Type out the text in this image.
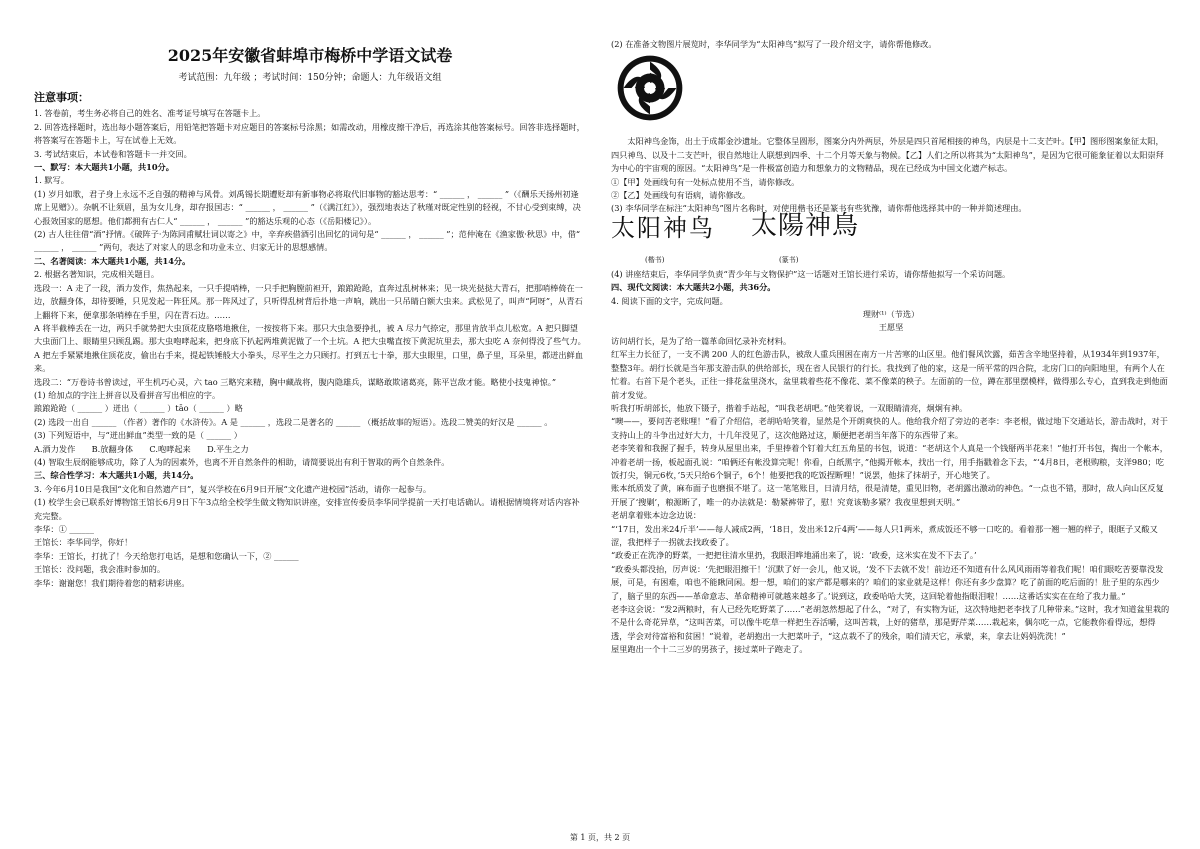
2025年安徽省蚌埠市梅桥中学语文试卷
考试范围：九年级 ；考试时间：150分钟；命题人：九年级语文组
注意事项：

1. 答卷前，考生务必将自己的姓名、准考证号填写在答题卡上。

2. 回答选择题时，选出每小题答案后，用铅笔把答题卡对应题目的答案标号涂黑；如需改动，用橡皮擦干净后，再选涂其他答案标号。回答非选择题时，将答案写在答题卡上，写在试卷上无效。

3. 考试结束后，本试卷和答题卡一并交回。

一、默写：本大题共1小题，共10分。

1. 默写。

(1) 岁月如歌，君子身上永远不乏自强的精神与风骨。刘禹锡长期遭贬却有新事物必将取代旧事物的豁达思考：“ ______ ， ______ ”（《酬乐天扬州初逢席上见赠》）。杂帆不让须眉，虽为女儿身，却存报国志：“ ______ ， ______ ”（《满江红》），强烈地表达了秋瑾对既定性别的轻视，不甘心受到束缚，决心报效国家的愿想。他们都拥有古仁人“ ______ ， ______ ”的豁达乐观的心态（《岳阳楼记》）。

(2) 古人往往借“酒”抒情。《破阵子·为陈同甫赋壮词以寄之》中，辛弃疾借酒引出回忆的词句是“ ______ ， ______ ”；范仲淹在《渔家傲·秋思》中，借“ ______ ， ______ ”两句，表达了对家人的思念和功业未立、归家无计的思想感情。

二、名著阅读：本大题共1小题，共14分。

2. 根据名著知识，完成相关题目。

选段一：A 走了一段，酒力发作，焦热起来，一只手提哨棒，一只手把胸膛前袒开，踉踉跄跄，直奔过乱树林来；见一块光挞挞大青石，把那哨棒倚在一边，放翻身体，却待要睡，只见发起一阵狂风。那一阵风过了，只听得乱树背后扑地一声响，跳出一只吊睛白额大虫来。武松见了，叫声“阿呀”，从青石上翻将下来，便拿那条哨棒在手里，闪在青石边。……

A 将半截棒丢在一边，两只手就势把大虫顶花皮胳嗒地揪住，一按按将下来。那只大虫急要挣扎，被 A 尽力气捺定，那里肯放半点儿松宽。A 把只脚望大虫面门上、眼睛里只顾乱踢。那大虫咆哮起来，把身底下扒起两堆黄泥做了一个土坑。A 把大虫嘴直按下黄泥坑里去，那大虫吃 A 奈何得没了些气力。A 把左手紧紧地揪住顶花皮，偷出右手来，提起铁锤般大小拳头，尽平生之力只顾打。打到五七十拳，那大虫眼里，口里，鼻子里，耳朵里，都迸出鲜血来。

选段二：“万卷诗书曾读过，平生机巧心灵，六 tao 三略究来精，胸中藏战将，腹内隐雄兵，谋略敢欺诸葛亮，陈平岂敌才能。略使小技鬼神惊。”

(1) 给加点的字注上拼音以及看拼音写出相应的字。

踉踉跄跄（ ______ ）迸出（ ______ ）tāo（ ______ ）略

(2) 选段一出自 ______ （作者）著作的《水浒传》。A 是 ______ ，选段二是著名的 ______ （概括故事的短语）。选段二赞美的好汉是 ______ 。

(3) 下列短语中，与“迸出鲜血”类型一致的是（ ______ ）

A.酒力发作　　B.放翻身体　　C.咆哮起来　　D.平生之力

(4) 智取生辰纲能够成功，除了人为的因素外，也离不开自然条件的相助，请简要说出有利于智取的两个自然条件。

三、综合性学习：本大题共1小题，共14分。

3. 今年6月10日是我国“文化和自然遗产日”，复兴学校在6月9日开展“文化遗产进校园”活动，请你一起参与。

(1) 校学生会已联系好博物馆王馆长6月9日下午3点给全校学生做文物知识讲座，安排宣传委员李华同学提前一天打电话确认。请根据情境将对话内容补充完整。

李华：① ______

王馆长：李华同学，你好！

李华：王馆长，打扰了！今天给您打电话，是想和您确认一下，② ______

王馆长：没问题，我会准时参加的。

李华：谢谢您！我们期待着您的精彩讲座。

(2) 在准备文物图片展览时，李华同学为“太阳神鸟”拟写了一段介绍文字，请你帮他修改。

太阳神鸟金饰，出土于成都金沙遗址。它整体呈圆形，图案分内外两层，外层是四只首尾相接的神鸟，内层是十二支芒叶。【甲】图形图案象征太阳，四只神鸟、以及十二支芒叶，很自然地让人联想到四季、十二个月等天象与物候。【乙】人们之所以将其为“太阳神鸟”，是因为它很可能象征着以太阳崇拜为中心的宇宙观的原因。“太阳神鸟”是一件极富创造力和想象力的文物精品，现在已经成为中国文化遗产标志。

①【甲】处画线句有一处标点使用不当，请你修改。

②【乙】处画线句有语病，请你修改。

(3) 李华同学在标注“太阳神鸟”图片名称时，对使用楷书还是篆书有些犹豫，请你帮他选择其中的一种并简述理由。

太阳神鸟 太陽神鳥
(楷书)	(篆书)

(4) 讲座结束后，李华同学负责“青少年与文物保护”这一话题对王馆长进行采访，请你帮他拟写一个采访问题。

四、现代文阅读：本大题共2小题，共36分。

4. 阅读下面的文字，完成问题。

理财⁽¹⁾（节选）

王愿坚

访问胡行长，是为了给一篇革命回忆录补充材料。

红军主力长征了，一支不满 200 人的红色游击队，被敌人重兵围困在南方一片苦寒的山区里。他们餐风饮露，茹苦含辛地坚持着，从1934年到1937年，整整3年。胡行长就是当年那支游击队的供给部长，现在省人民银行的行长。我找到了他的家，这是一所平常的四合院，北房门口的向阳地里，有两个人在忙着。右首下是个老头，正往一排花盆里浇水，盆里栽着些花不像花、菜不像菜的秧子。左面前的一位，蹲在那里摆模样，做得那么专心，直到我走到他面前才发觉。

听我打听胡部长，他放下镊子，揩着手站起，“叫我老胡吧。”他笑着说，一双眼睛清亮，炯炯有神。

“噢——，要问苦老账哩！”看了介绍信，老胡哈哈笑着，显然是个开朗爽快的人。他给我介绍了旁边的老李：李老根，做过地下交通站长，游击战时，对于支持山上的斗争出过好大力，十几年没见了，这次他路过这，顺便把老胡当年落下的东西带了来。

老李笑着和我握了握手，转身从屋里出来，手里捧着个钉着大红五角星的书包，说道：“老胡这个人真是一个钱掰两半花来！”他打开书包，掏出一个帐本，冲着老胡一扬，板起面孔说：“咱俩还有帐没算完呢！你看，白纸黑字，”他揭开帐本，找出一行，用手指戳着念下去，“‘4月8日，老根购粮，支洋980；吃饭打尖，铜元6枚，’5天只给6个铜子，6个！他要把我的吃饭捏断哩！”说罢，他抹了抹胡子，开心地笑了。

账本纸质发了黄，麻布面子也磨损不堪了。这一笔笔账目，日清月结，很是清楚，重见旧物，老胡露出激动的神色。“一点也不错，那时，敌人向山区反复开展了‘搜剿’，粮源断了，唯一的办法就是：勒紧裤带了，慰！究竟该勒多紧？我夜里想到天明。”

老胡拿着账本边念边说：

“‘17日，发出米24斤半’——每人减成2两，‘18日，发出米12斤4两’——每人只1两米，煮成饭还不够一口吃的。看着那一翘一翘的样子，眼眶子又酸又涩，我把样子一拐就去找政委了。

“政委正在洗净的野菜，一把把往清水里扔，我眼泪哗地涌出来了，说：‘政委，这米实在发不下去了。’

“政委头都没抬，厉声说：‘先把眼泪擦干！’沉默了好一会儿，他又说，‘发不下去就不发！前边还不知道有什么风风雨雨等着我们呢！咱们眼吃苦要靠没发展，可是，有困难，咱也不能瞅同闲。想一想，咱们的家产都是哪来的？咱们的家业就是这样！你还有多少盘算？吃了前面的吃后面的！肚子里的东西少了，脑子里的东西——革命意志、革命精神可就越来越多了。’说到这，政委哈哈大笑，这回轮着他指眼泪啦！……这番话实实在在给了我力量。”

老李这会说：“发2两粮时，有人已经先吃野菜了……”老胡忽然想起了什么，“对了，有实物为证，这次特地把老李找了几种带来。”这时，我才知道盆里栽的不是什么奇花异草，“这叫苦菜，可以像牛吃草一样把生吞活嚼，这叫苦栽，上好的猪草，那是野芹菜……栽起来，偶尔吃一点，它能教你看得远，想得透，学会对待富裕和贫困！”说着，老胡抱出一大把菜叶子，“这点栽不了的残余，咱们清天它，承蒙，来，拿去让妈妈洗洗！”

屋里跑出一个十二三岁的男孩子，接过菜叶子跑走了。

第 1 页，共 2 页
